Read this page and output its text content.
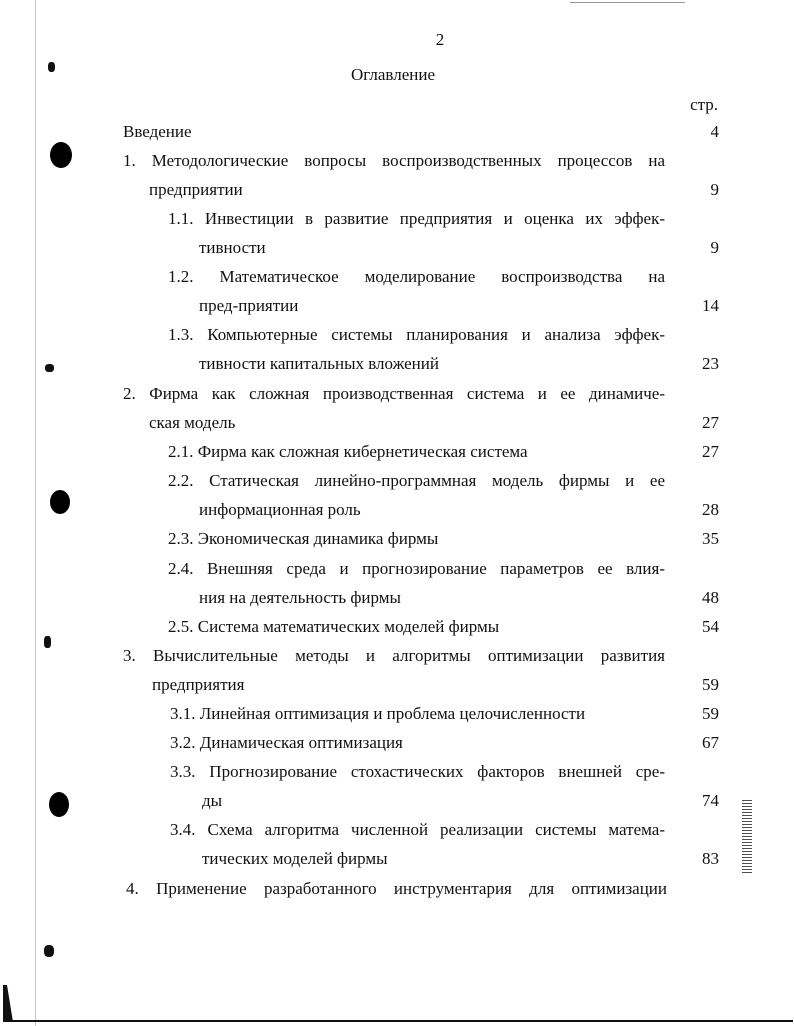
2
Оглавление
стр.
Введение	4
1. Методологические вопросы воспроизводственных процессов на
предприятии	9
1.1. Инвестиции в развитие предприятия и оценка их эффек-
тивности	9
1.2. Математическое моделирование воспроизводства на
пред-приятии	14
1.3. Компьютерные системы планирования и анализа эффек-
тивности капитальных вложений	23
2. Фирма как сложная производственная система и ее динамиче-
ская модель	27
2.1. Фирма как сложная кибернетическая система	27
2.2. Статическая линейно-программная модель фирмы и ее
информационная роль	28
2.3. Экономическая динамика фирмы	35
2.4. Внешняя среда и прогнозирование параметров ее влия-
ния на деятельность фирмы	48
2.5. Система математических моделей фирмы	54
3. Вычислительные методы и алгоритмы оптимизации развития
предприятия	59
3.1. Линейная оптимизация и проблема целочисленности	59
3.2. Динамическая оптимизация	67
3.3. Прогнозирование стохастических факторов внешней сре-
ды	74
3.4. Схема алгоритма численной реализации системы матема-
тических моделей фирмы	83
4. Применение разработанного инструментария для оптимизации
